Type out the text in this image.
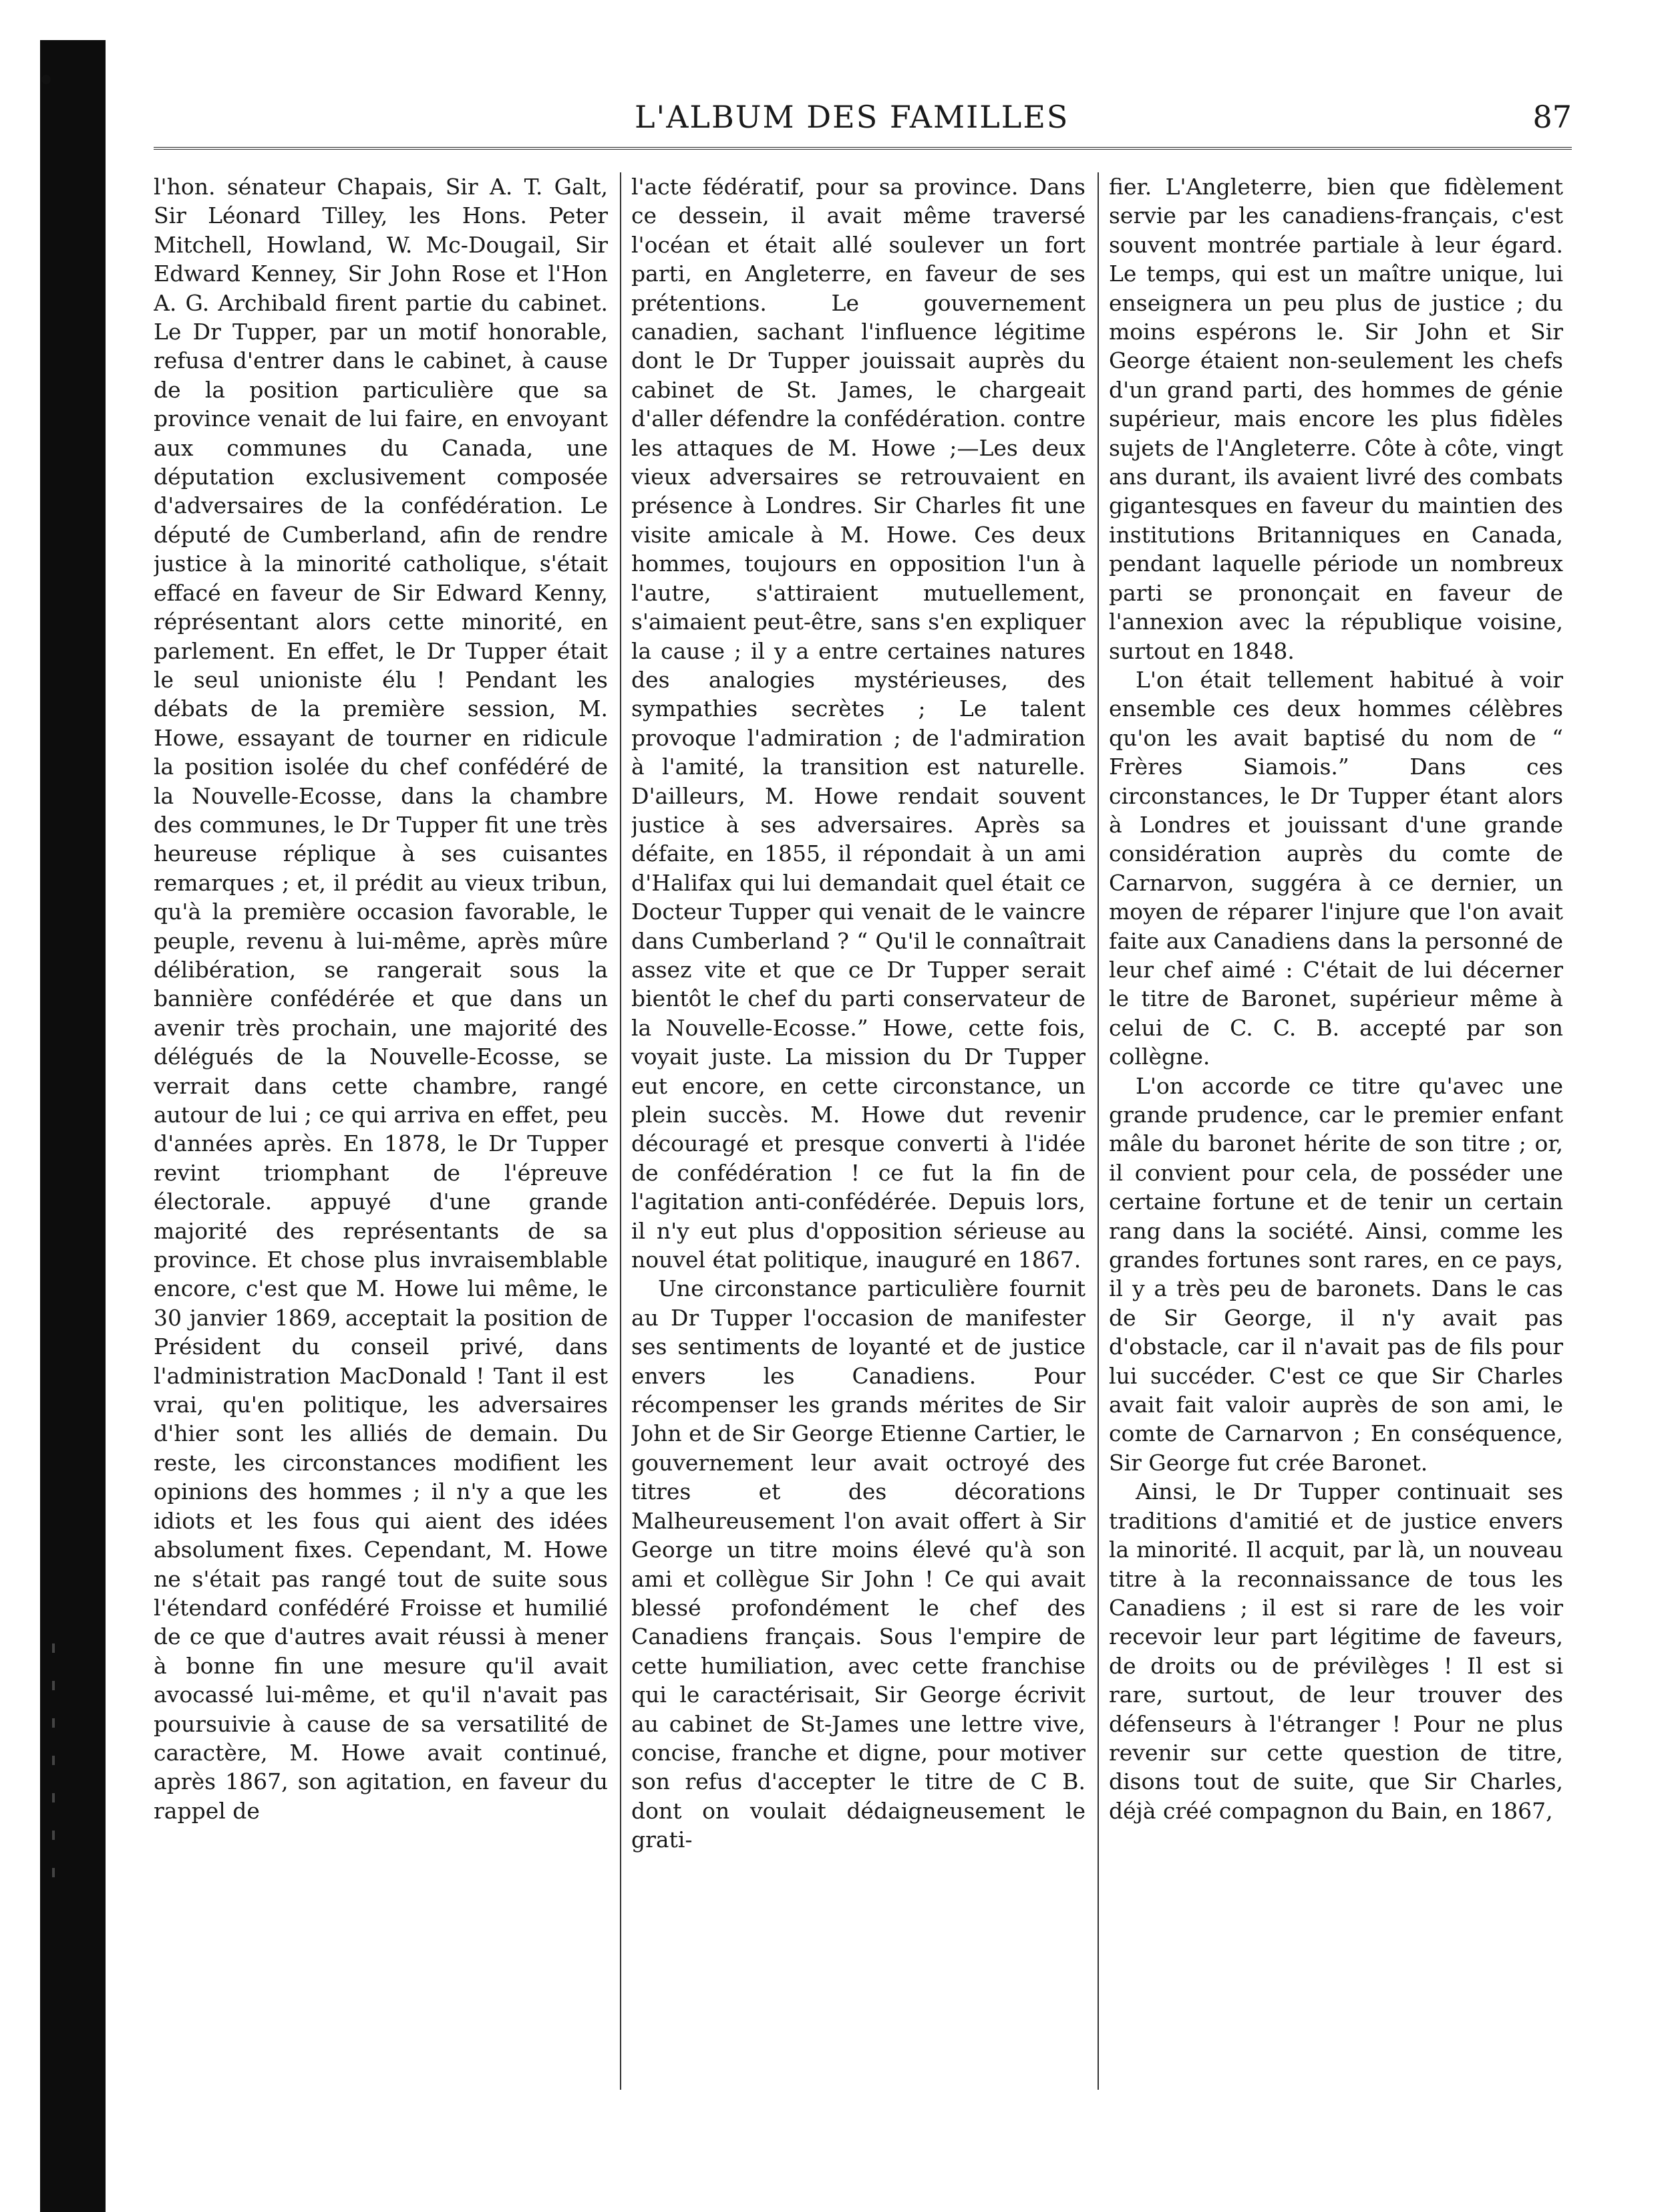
L'ALBUM DES FAMILLES	87

l'hon. sénateur Chapais, Sir A. T. Galt, Sir Léonard Tilley, les Hons. Peter Mitchell, Howland, W. Mc-Dougail, Sir Edward Kenney, Sir John Rose et l'Hon A. G. Archibald firent partie du cabinet. Le Dr Tupper, par un motif honorable, refusa d'entrer dans le cabinet, à cause de la position particulière que sa province venait de lui faire, en envoyant aux communes du Canada, une députation exclusivement composée d'adversaires de la confédération. Le député de Cumberland, afin de rendre justice à la minorité catholique, s'était effacé en faveur de Sir Edward Kenny, réprésentant alors cette minorité, en parlement. En effet, le Dr Tupper était le seul unioniste élu ! Pendant les débats de la première session, M. Howe, essayant de tourner en ridicule la position isolée du chef confédéré de la Nouvelle-Ecosse, dans la chambre des communes, le Dr Tupper fit une très heureuse réplique à ses cuisantes remarques ; et, il prédit au vieux tribun, qu'à la première occasion favorable, le peuple, revenu à lui-même, après mûre délibération, se rangerait sous la bannière confédérée et que dans un avenir très prochain, une majorité des délégués de la Nouvelle-Ecosse, se verrait dans cette chambre, rangé autour de lui ; ce qui arriva en effet, peu d'années après. En 1878, le Dr Tupper revint triomphant de l'épreuve électorale. appuyé d'une grande majorité des représentants de sa province. Et chose plus invraisemblable encore, c'est que M. Howe lui même, le 30 janvier 1869, acceptait la position de Président du conseil privé, dans l'administration MacDonald ! Tant il est vrai, qu'en politique, les adversaires d'hier sont les alliés de demain. Du reste, les circonstances modifient les opinions des hommes ; il n'y a que les idiots et les fous qui aient des idées absolument fixes. Cependant, M. Howe ne s'était pas rangé tout de suite sous l'étendard confédéré Froisse et humilié de ce que d'autres avait réussi à mener à bonne fin une mesure qu'il avait avocassé lui-même, et qu'il n'avait pas poursuivie à cause de sa versatilité de caractère, M. Howe avait continué, après 1867, son agitation, en faveur du rappel de

l'acte fédératif, pour sa province. Dans ce dessein, il avait même traversé l'océan et était allé soulever un fort parti, en Angleterre, en faveur de ses prétentions. Le gouvernement canadien, sachant l'influence légitime dont le Dr Tupper jouissait auprès du cabinet de St. James, le chargeait d'aller défendre la confédération. contre les attaques de M. Howe ;—Les deux vieux adversaires se retrouvaient en présence à Londres. Sir Charles fit une visite amicale à M. Howe. Ces deux hommes, toujours en opposition l'un à l'autre, s'attiraient mutuellement, s'aimaient peut-être, sans s'en expliquer la cause ; il y a entre certaines natures des analogies mystérieuses, des sympathies secrètes ; Le talent provoque l'admiration ; de l'admiration à l'amité, la transition est naturelle. D'ailleurs, M. Howe rendait souvent justice à ses adversaires. Après sa défaite, en 1855, il répondait à un ami d'Halifax qui lui demandait quel était ce Docteur Tupper qui venait de le vaincre dans Cumberland ? “ Qu'il le connaîtrait assez vite et que ce Dr Tupper serait bientôt le chef du parti conservateur de la Nouvelle-Ecosse.” Howe, cette fois, voyait juste. La mission du Dr Tupper eut encore, en cette circonstance, un plein succès. M. Howe dut revenir découragé et presque converti à l'idée de confédération ! ce fut la fin de l'agitation anti-confédérée. Depuis lors, il n'y eut plus d'opposition sérieuse au nouvel état politique, inauguré en 1867.

Une circonstance particulière fournit au Dr Tupper l'occasion de manifester ses sentiments de loyanté et de justice envers les Canadiens. Pour récompenser les grands mérites de Sir John et de Sir George Etienne Cartier, le gouvernement leur avait octroyé des titres et des décorations Malheureusement l'on avait offert à Sir George un titre moins élevé qu'à son ami et collègue Sir John ! Ce qui avait blessé profondément le chef des Canadiens français. Sous l'empire de cette humiliation, avec cette franchise qui le caractérisait, Sir George écrivit au cabinet de St-James une lettre vive, concise, franche et digne, pour motiver son refus d'accepter le titre de C B. dont on voulait dédaigneusement le grati-

fier. L'Angleterre, bien que fidèlement servie par les canadiens-français, c'est souvent montrée partiale à leur égard. Le temps, qui est un maître unique, lui enseignera un peu plus de justice ; du moins espérons le. Sir John et Sir George étaient non-seulement les chefs d'un grand parti, des hommes de génie supérieur, mais encore les plus fidèles sujets de l'Angleterre. Côte à côte, vingt ans durant, ils avaient livré des combats gigantesques en faveur du maintien des institutions Britanniques en Canada, pendant laquelle période un nombreux parti se prononçait en faveur de l'annexion avec la république voisine, surtout en 1848.

L'on était tellement habitué à voir ensemble ces deux hommes célèbres qu'on les avait baptisé du nom de “ Frères Siamois.” Dans ces circonstances, le Dr Tupper étant alors à Londres et jouissant d'une grande considération auprès du comte de Carnarvon, suggéra à ce dernier, un moyen de réparer l'injure que l'on avait faite aux Canadiens dans la personné de leur chef aimé : C'était de lui décerner le titre de Baronet, supérieur même à celui de C. C. B. accepté par son collègne.

L'on accorde ce titre qu'avec une grande prudence, car le premier enfant mâle du baronet hérite de son titre ; or, il convient pour cela, de posséder une certaine fortune et de tenir un certain rang dans la société. Ainsi, comme les grandes fortunes sont rares, en ce pays, il y a très peu de baronets. Dans le cas de Sir George, il n'y avait pas d'obstacle, car il n'avait pas de fils pour lui succéder. C'est ce que Sir Charles avait fait valoir auprès de son ami, le comte de Carnarvon ; En conséquence, Sir George fut crée Baronet.

Ainsi, le Dr Tupper continuait ses traditions d'amitié et de justice envers la minorité. Il acquit, par là, un nouveau titre à la reconnaissance de tous les Canadiens ; il est si rare de les voir recevoir leur part légitime de faveurs, de droits ou de prévilèges ! Il est si rare, surtout, de leur trouver des défenseurs à l'étranger ! Pour ne plus revenir sur cette question de titre, disons tout de suite, que Sir Charles, déjà créé compagnon du Bain, en 1867,
